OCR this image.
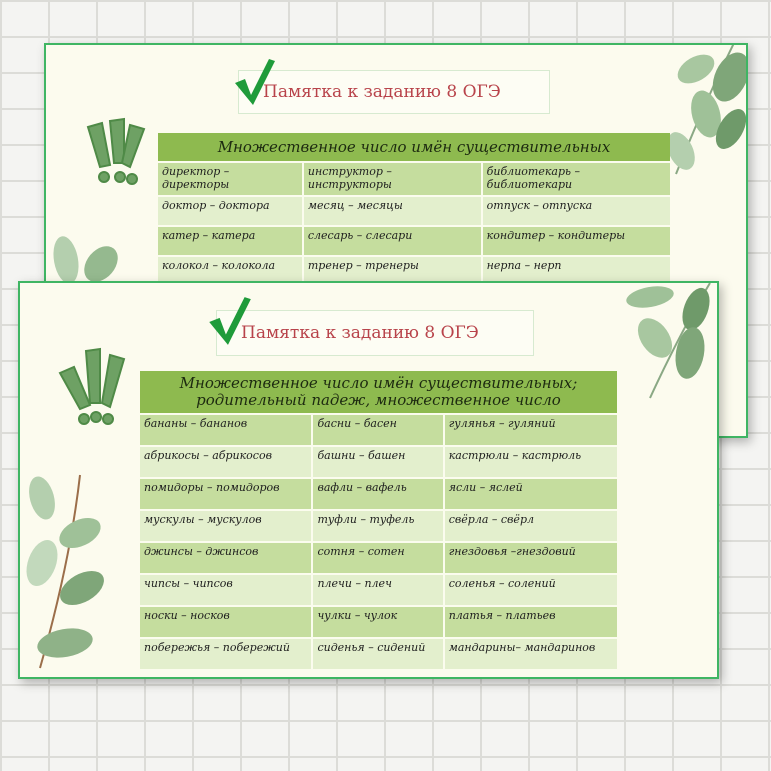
Памятка к заданию 8 ОГЭ
Множественное число имён существительных		
директор – директоры	инструктор – инструкторы	библиотекарь – библиотекари
доктор – доктора	месяц – месяцы	отпуск – отпуска
катер – катера	слесарь – слесари	кондитер – кондитеры
колокол – колокола	тренер – тренеры	нерпа – нерп
Памятка к заданию 8 ОГЭ
Множественное число имён существительных;
родительный падеж, множественное число		

бананы – бананов	басни – басен	гулянья – гуляний
абрикосы – абрикосов	башни – башен	кастрюли – кастрюль
помидоры – помидоров	вафли – вафель	ясли – яслей
мускулы – мускулов	туфли – туфель	свёрла – свёрл
джинсы – джинсов	сотня – сотен	гнездовья –гнездовий
чипсы – чипсов	плечи – плеч	соленья – солений
носки – носков	чулки – чулок	платья – платьев
побережья – побережий	сиденья – сидений	мандарины– мандаринов
